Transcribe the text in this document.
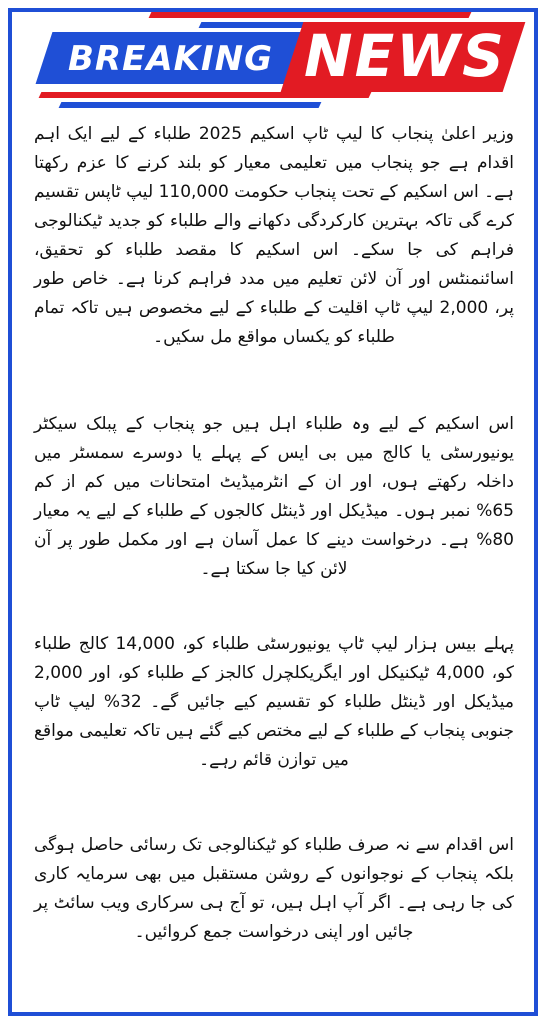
BREAKING NEWS

وزیر اعلیٰ پنجاب کا لیپ ٹاپ اسکیم 2025 طلباء کے لیے ایک اہم اقدام ہے جو پنجاب میں تعلیمی معیار کو بلند کرنے کا عزم رکھتا ہے۔ اس اسکیم کے تحت پنجاب حکومت 110,000 لیپ ٹاپس تقسیم کرے گی تاکہ بہترین کارکردگی دکھانے والے طلباء کو جدید ٹیکنالوجی فراہم کی جا سکے۔ اس اسکیم کا مقصد طلباء کو تحقیق، اسائنمنٹس اور آن لائن تعلیم میں مدد فراہم کرنا ہے۔ خاص طور پر، 2,000 لیپ ٹاپ اقلیت کے طلباء کے لیے مخصوص ہیں تاکہ تمام طلباء کو یکساں مواقع مل سکیں۔

اس اسکیم کے لیے وہ طلباء اہل ہیں جو پنجاب کے پبلک سیکٹر یونیورسٹی یا کالج میں بی ایس کے پہلے یا دوسرے سمسٹر میں داخلہ رکھتے ہوں، اور ان کے انٹرمیڈیٹ امتحانات میں کم از کم 65% نمبر ہوں۔ میڈیکل اور ڈینٹل کالجوں کے طلباء کے لیے یہ معیار 80% ہے۔ درخواست دینے کا عمل آسان ہے اور مکمل طور پر آن لائن کیا جا سکتا ہے۔

پہلے بیس ہزار لیپ ٹاپ یونیورسٹی طلباء کو، 14,000 کالج طلباء کو، 4,000 ٹیکنیکل اور ایگریکلچرل کالجز کے طلباء کو، اور 2,000 میڈیکل اور ڈینٹل طلباء کو تقسیم کیے جائیں گے۔ 32% لیپ ٹاپ جنوبی پنجاب کے طلباء کے لیے مختص کیے گئے ہیں تاکہ تعلیمی مواقع میں توازن قائم رہے۔

اس اقدام سے نہ صرف طلباء کو ٹیکنالوجی تک رسائی حاصل ہوگی بلکہ پنجاب کے نوجوانوں کے روشن مستقبل میں بھی سرمایہ کاری کی جا رہی ہے۔ اگر آپ اہل ہیں، تو آج ہی سرکاری ویب سائٹ پر جائیں اور اپنی درخواست جمع کروائیں۔
